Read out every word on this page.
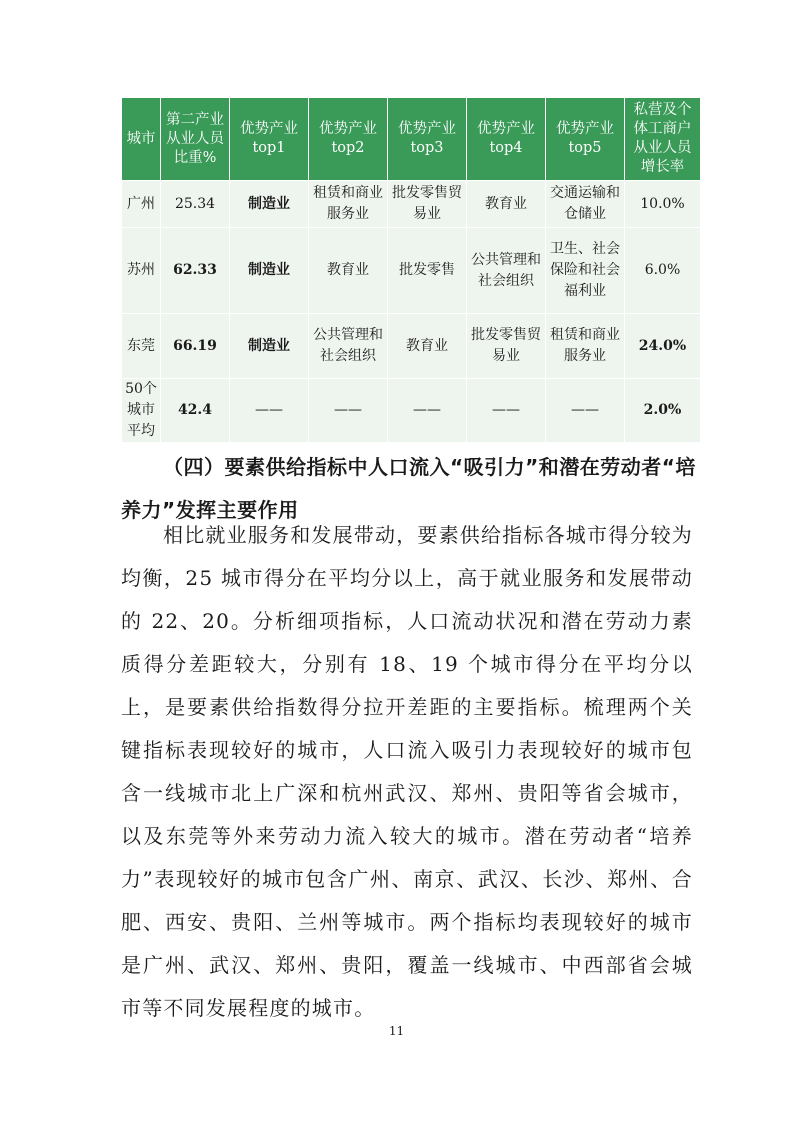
城市	第二产业从业人员比重%	优势产业top1	优势产业top2	优势产业top3	优势产业top4	优势产业top5	私营及个体工商户从业人员增长率
广州	25.34	制造业	租赁和商业服务业	批发零售贸易业	教育业	交通运输和仓储业	10.0%
苏州	62.33	制造业	教育业	批发零售	公共管理和社会组织	卫生、社会保险和社会福利业	6.0%
东莞	66.19	制造业	公共管理和社会组织	教育业	批发零售贸易业	租赁和商业服务业	24.0%
50个城市平均	42.4	——	——	——	——	——	2.0%

（四）要素供给指标中人口流入“吸引力”和潜在劳动者“培养力”发挥主要作用

相比就业服务和发展带动，要素供给指标各城市得分较为均衡，25 城市得分在平均分以上，高于就业服务和发展带动的 22、20。分析细项指标，人口流动状况和潜在劳动力素质得分差距较大，分别有 18、19 个城市得分在平均分以上，是要素供给指数得分拉开差距的主要指标。梳理两个关键指标表现较好的城市，人口流入吸引力表现较好的城市包含一线城市北上广深和杭州武汉、郑州、贵阳等省会城市，以及东莞等外来劳动力流入较大的城市。潜在劳动者“培养力”表现较好的城市包含广州、南京、武汉、长沙、郑州、合肥、西安、贵阳、兰州等城市。两个指标均表现较好的城市是广州、武汉、郑州、贵阳，覆盖一线城市、中西部省会城市等不同发展程度的城市。

11
